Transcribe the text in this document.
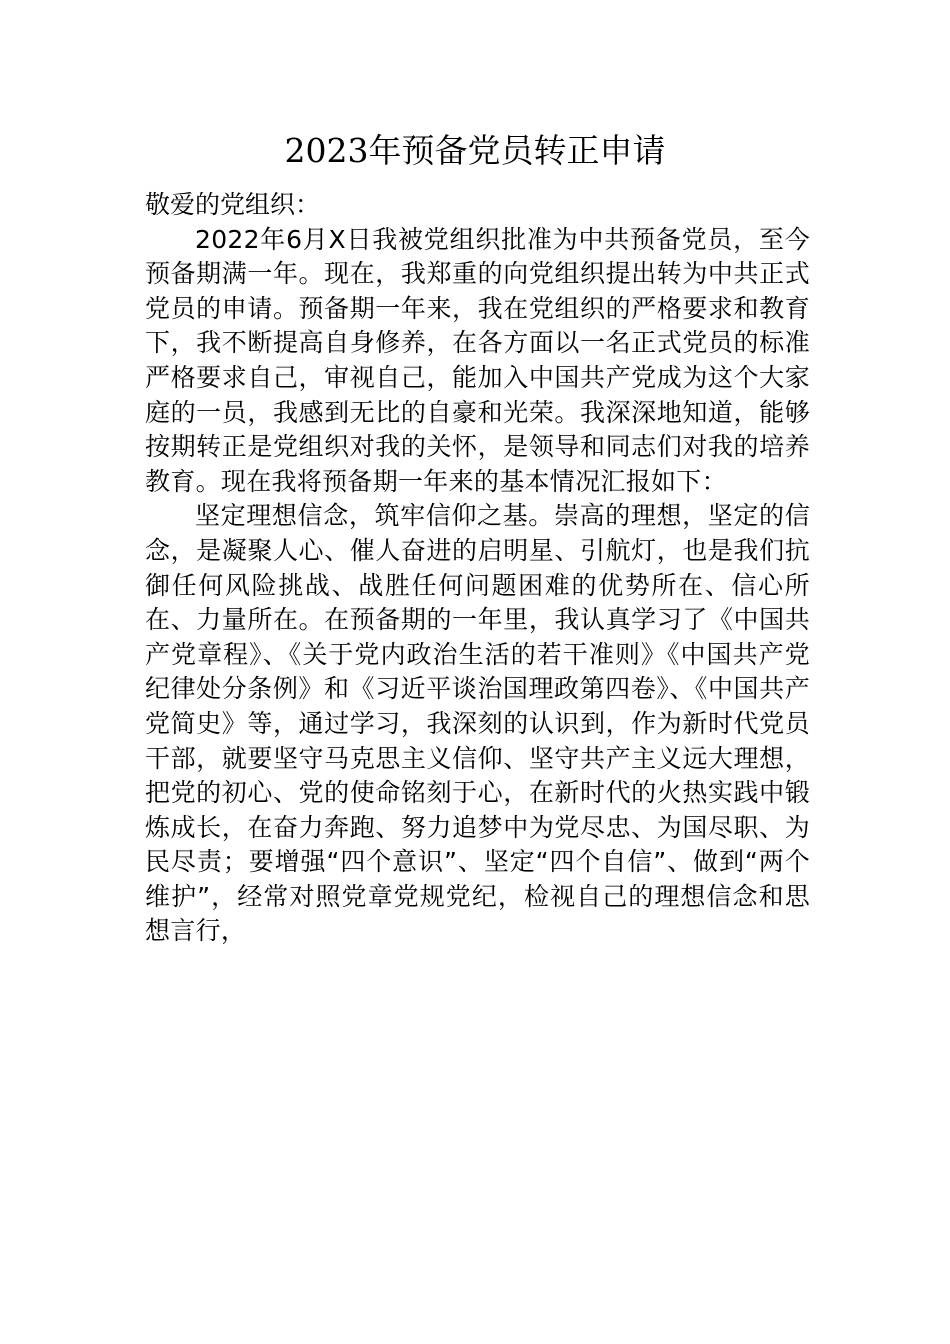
2023年预备党员转正申请

敬爱的党组织：

2022年6月X日我被党组织批准为中共预备党员，至今预备期满一年。现在，我郑重的向党组织提出转为中共正式党员的申请。预备期一年来，我在党组织的严格要求和教育下，我不断提高自身修养，在各方面以一名正式党员的标准严格要求自己，审视自己，能加入中国共产党成为这个大家庭的一员，我感到无比的自豪和光荣。我深深地知道，能够按期转正是党组织对我的关怀，是领导和同志们对我的培养教育。现在我将预备期一年来的基本情况汇报如下：

坚定理想信念，筑牢信仰之基。崇高的理想，坚定的信念，是凝聚人心、催人奋进的启明星、引航灯，也是我们抗御任何风险挑战、战胜任何问题困难的优势所在、信心所在、力量所在。在预备期的一年里，我认真学习了《中国共产党章程》、《关于党内政治生活的若干准则》《中国共产党纪律处分条例》和《习近平谈治国理政第四卷》、《中国共产党简史》等，通过学习，我深刻的认识到，作为新时代党员干部，就要坚守马克思主义信仰、坚守共产主义远大理想，把党的初心、党的使命铭刻于心，在新时代的火热实践中锻炼成长，在奋力奔跑、努力追梦中为党尽忠、为国尽职、为民尽责；要增强“四个意识”、坚定“四个自信”、做到“两个维护”，经常对照党章党规党纪，检视自己的理想信念和思想言行，
